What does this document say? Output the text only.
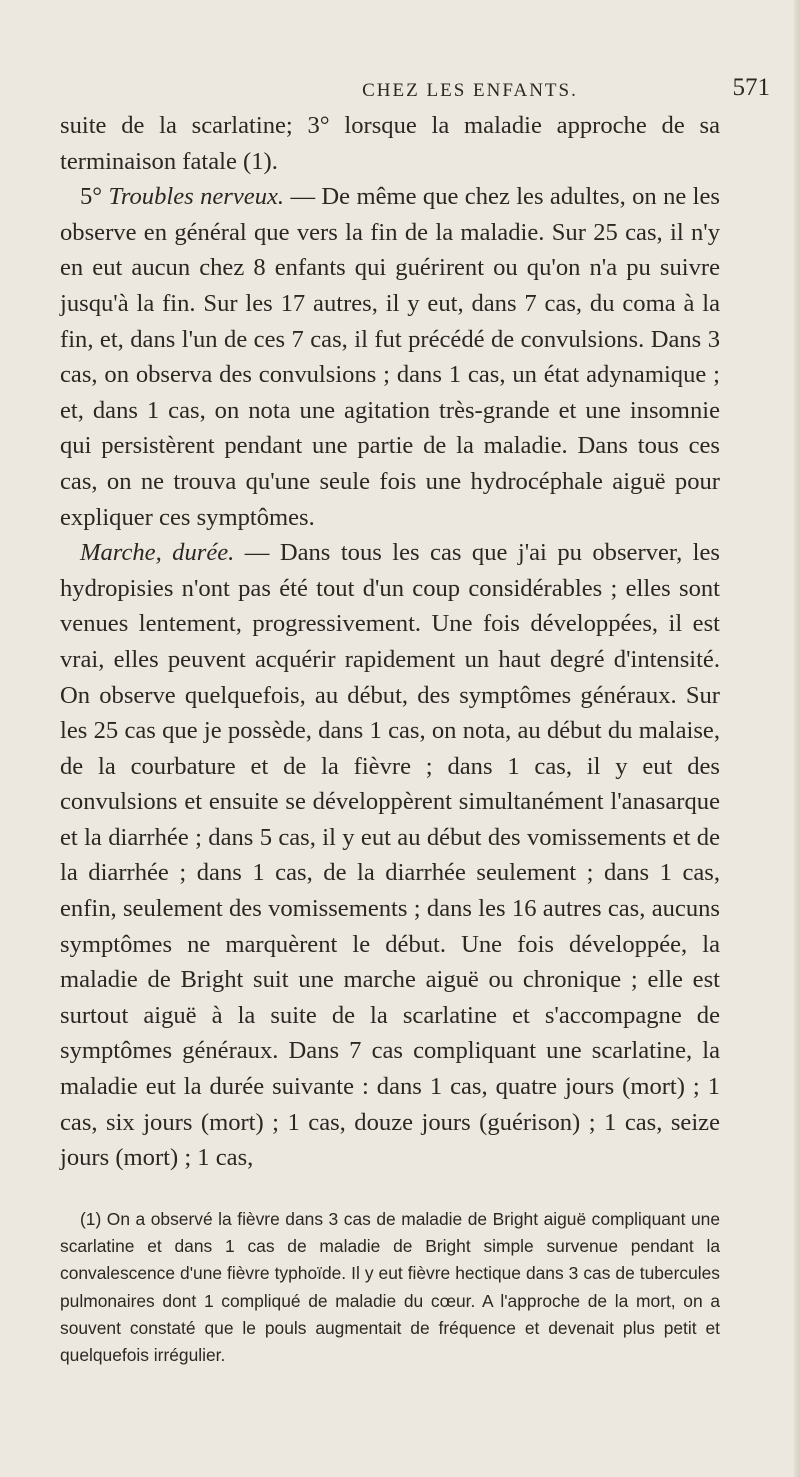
CHEZ LES ENFANTS.	571

suite de la scarlatine; 3° lorsque la maladie approche de sa terminaison fatale (1).

5° Troubles nerveux. — De même que chez les adultes, on ne les observe en général que vers la fin de la maladie. Sur 25 cas, il n'y en eut aucun chez 8 enfants qui guérirent ou qu'on n'a pu suivre jusqu'à la fin. Sur les 17 autres, il y eut, dans 7 cas, du coma à la fin, et, dans l'un de ces 7 cas, il fut précédé de convulsions. Dans 3 cas, on observa des convulsions ; dans 1 cas, un état adynamique ; et, dans 1 cas, on nota une agitation très-grande et une insomnie qui persistèrent pendant une partie de la maladie. Dans tous ces cas, on ne trouva qu'une seule fois une hydrocéphale aiguë pour expliquer ces symptômes.

Marche, durée. — Dans tous les cas que j'ai pu observer, les hydropisies n'ont pas été tout d'un coup considérables ; elles sont venues lentement, progressivement. Une fois développées, il est vrai, elles peuvent acquérir rapidement un haut degré d'intensité. On observe quelquefois, au début, des symptômes généraux. Sur les 25 cas que je possède, dans 1 cas, on nota, au début du malaise, de la courbature et de la fièvre ; dans 1 cas, il y eut des convulsions et ensuite se développèrent simultanément l'anasarque et la diarrhée ; dans 5 cas, il y eut au début des vomissements et de la diarrhée ; dans 1 cas, de la diarrhée seulement ; dans 1 cas, enfin, seulement des vomissements ; dans les 16 autres cas, aucuns symptômes ne marquèrent le début. Une fois développée, la maladie de Bright suit une marche aiguë ou chronique ; elle est surtout aiguë à la suite de la scarlatine et s'accompagne de symptômes généraux. Dans 7 cas compliquant une scarlatine, la maladie eut la durée suivante : dans 1 cas, quatre jours (mort) ; 1 cas, six jours (mort) ; 1 cas, douze jours (guérison) ; 1 cas, seize jours (mort) ; 1 cas,

(1) On a observé la fièvre dans 3 cas de maladie de Bright aiguë compliquant une scarlatine et dans 1 cas de maladie de Bright simple survenue pendant la convalescence d'une fièvre typhoïde. Il y eut fièvre hectique dans 3 cas de tubercules pulmonaires dont 1 compliqué de maladie du cœur. A l'approche de la mort, on a souvent constaté que le pouls augmentait de fréquence et devenait plus petit et quelquefois irrégulier.
